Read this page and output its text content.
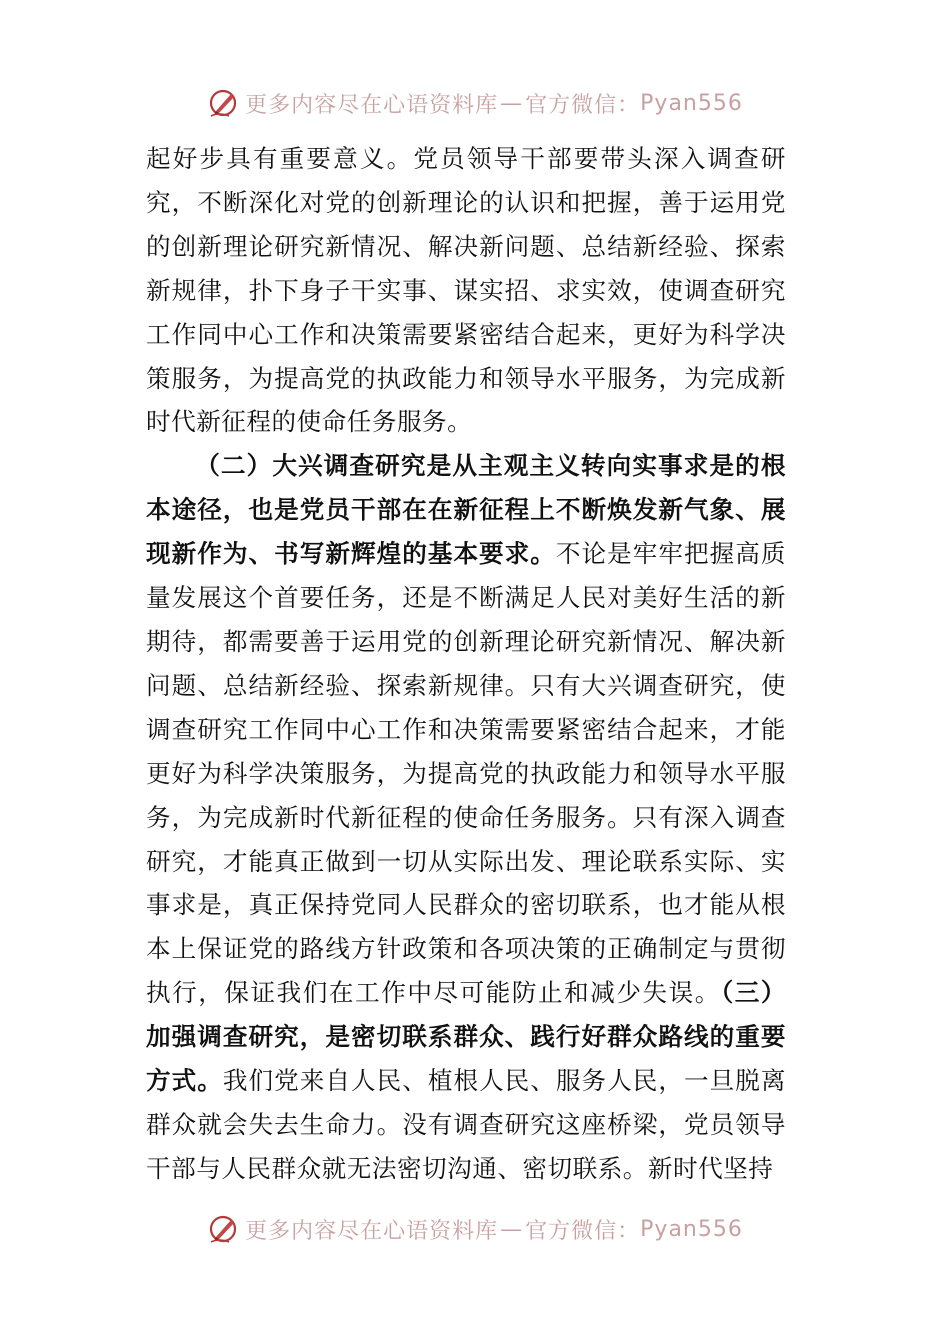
更多内容尽在心语资料库 — 官方微信： Pyan556

起好步具有重要意义。党员领导干部要带头深入调查研究，不断深化对党的创新理论的认识和把握，善于运用党的创新理论研究新情况、解决新问题、总结新经验、探索新规律，扑下身子干实事、谋实招、求实效，使调查研究工作同中心工作和决策需要紧密结合起来，更好为科学决策服务，为提高党的执政能力和领导水平服务，为完成新时代新征程的使命任务服务。

（二）大兴调查研究是从主观主义转向实事求是的根本途径，也是党员干部在在新征程上不断焕发新气象、展现新作为、书写新辉煌的基本要求。不论是牢牢把握高质量发展这个首要任务，还是不断满足人民对美好生活的新期待，都需要善于运用党的创新理论研究新情况、解决新问题、总结新经验、探索新规律。只有大兴调查研究，使调查研究工作同中心工作和决策需要紧密结合起来，才能更好为科学决策服务，为提高党的执政能力和领导水平服务，为完成新时代新征程的使命任务服务。只有深入调查研究，才能真正做到一切从实际出发、理论联系实际、实事求是，真正保持党同人民群众的密切联系，也才能从根本上保证党的路线方针政策和各项决策的正确制定与贯彻执行，保证我们在工作中尽可能防止和减少失误。（三）加强调查研究，是密切联系群众、践行好群众路线的重要方式。我们党来自人民、植根人民、服务人民，一旦脱离群众就会失去生命力。没有调查研究这座桥梁，党员领导干部与人民群众就无法密切沟通、密切联系。新时代坚持

更多内容尽在心语资料库 — 官方微信： Pyan556
